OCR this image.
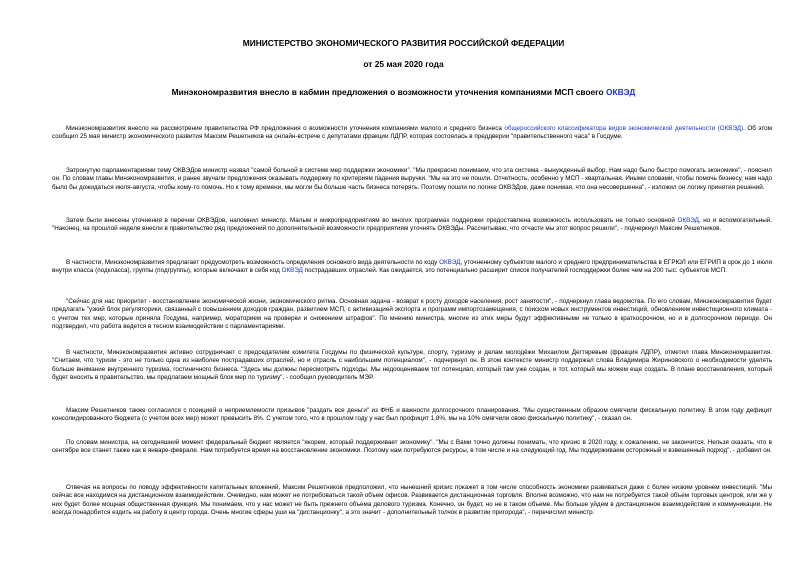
МИНИСТЕРСТВО ЭКОНОМИЧЕСКОГО РАЗВИТИЯ РОССИЙСКОЙ ФЕДЕРАЦИИ
от 25 мая 2020 года
Минэкономразвития внесло в кабмин предложения о возможности уточнения компаниями МСП своего ОКВЭД

Минэкономразвития внесло на рассмотрение правительства РФ предложения о возможности уточнения компаниями малого и среднего бизнеса общероссийского классификатора видов экономической деятельности (ОКВЭД). Об этом сообщил 25 мая министр экономического развития Максим Решетников на онлайн-встрече с депутатами фракции ЛДПР, которая состоялась в преддверии "правительственного часа" в Госдуме.

Затронутую парламентариями тему ОКВЭДов министр назвал "самой больной в системе мер поддержки экономики". "Мы прекрасно понимаем, что эта система - вынужденный выбор. Нам надо было быстро помогать экономике", - пояснил он. По словам главы Минэкономразвития, и ранее звучали предложения оказывать поддержку по критериям падения выручки. "Мы на это не пошли. Отчетность, особенно у МСП - квартальная. Иными словами, чтобы помочь бизнесу, нам надо было бы дожидаться июля-августа, чтобы кому-то помочь. Но к тому времени, мы могли бы больше часть бизнеса потерять. Поэтому пошли по логике ОКВЭДов, даже понимая, что она несовершенна", - изложил он логику принятия решений.

Затем были внесены уточнения в перечни ОКВЭДов, напомнил министр. Малым и микропредприятиям во многих программах поддержки предоставлена возможность использовать не только основной ОКВЭД, но и вспомогательный. "Наконец, на прошлой неделе внесли в правительство ряд предложений по дополнительной возможности предприятиям уточнять ОКВЭДы. Рассчитываю, что отчасти мы этот вопрос решили", - подчеркнул Максим Решетников.

В частности, Минэкономразвития предлагает предусмотреть возможность определения основного вида деятельности по коду ОКВЭД, уточненному субъектом малого и среднего предпринимательства в ЕГРЮЛ или ЕГРИП в срок до 1 июля внутри класса (подкласса), группы (подгруппы), которые включают в себя код ОКВЭД пострадавших отраслей. Как ожидается, это потенциально расширит список получателей господдержки более чем на 200 тыс. субъектов МСП.

"Сейчас для нас приоритет - восстановление экономической жизни, экономического ритма. Основная задача - возврат к росту доходов населения, рост занятости", - подчеркнул глава ведомства. По его словам, Минэкономразвития будет предлагать "узкий блок регуляторики, связанный с повышением доходов граждан, развитием МСП, с активизацией экспорта и программ импортозамещения, с поиском новых инструментов инвестиций, обновлением инвестиционного климата - с учетом тех мер, которые приняла Госдума, например, мораторием на проверки и снижением штрафов". По мнению министра, многие из этих меры будут эффективными не только в краткосрочном, но и в долгосрочном периоде. Он подтвердил, что работа ведется в тесном взаимодействии с парламентариями.

В частности, Минэкономразвития активно сотрудничает с председателем комитета Госдумы по физической культуре, спорту, туризму и делам молодёжи Михаилом Дегтяревым (фракция ЛДПР), отметил глава Минэкономразвития. "Считаем, что туризм - это не только одна из наиболее пострадавших отраслей, но и отрасль с наибольшим потенциалом", - подчеркнул он. В этом контексте министр поддержал слова Владимира Жириновского о необходимости уделять больше внимание внутреннего туризма, гостиничного бизнеса. "Здесь мы должны пересмотреть подходы. Мы недооцениваем тот потенциал, который там уже создан, и тот, который мы можем еще создать. В плане восстановления, который будет вносить в правительство, мы предлагаем мощный блок мер по туризму", - сообщил руководитель МЭР.

Максим Решетников также согласился с позицией о неприемлемости призывов "раздать все деньги" из ФНБ и важности долгосрочного планирования. "Мы существенным образом смягчили фискальную политику. В этом году дефицит консолидированного бюджета (с учетом всех мер) может превысить 8%. С учетом того, что в прошлом году у нас был профицит 1,8%, мы на 10% смягчили свою фискальную политику", - сказал он.

По словам министра, на сегодняшний момент федеральный бюджет является "якорем, который поддерживает экономику". "Мы с Вами точно должны понимать, что кризис в 2020 году, к сожалению, не закончится. Нельзя сказать, что в сентябре все станет также как в январе-феврале. Нам потребуется время на восстановление экономики. Поэтому нам потребуются ресурсы, в том числе и на следующий год. Мы поддерживаем осторожный и взвешенный подход", - добавил он.

Отвечая на вопросы по поводу эффективности капитальных вложений, Максим Решетников предположил, что нынешний кризис покажет в том числе способность экономики развиваться даже с более низким уровнем инвестиций. "Мы сейчас все находимся на дистанционном взаимодействии. Очевидно, нам может не потребоваться такой объем офисов. Развивается дистанционная торговля. Вполне возможно, что нам не потребуется такой объем торговых центров, или же у них будет более мощная общественная функция. Мы понимаем, что у нас может не быть прежнего объема делового туризма. Конечно, он будет, но не в таком объеме. Мы больше уйдем в дистанционное взаимодействие и коммуникации. Не всегда понадобится ездить на работу в центр города. Очень многие сферы уши на "дистанционку", а это значит - дополнительный толчок в развитии пригорода", - перечислил министр.
